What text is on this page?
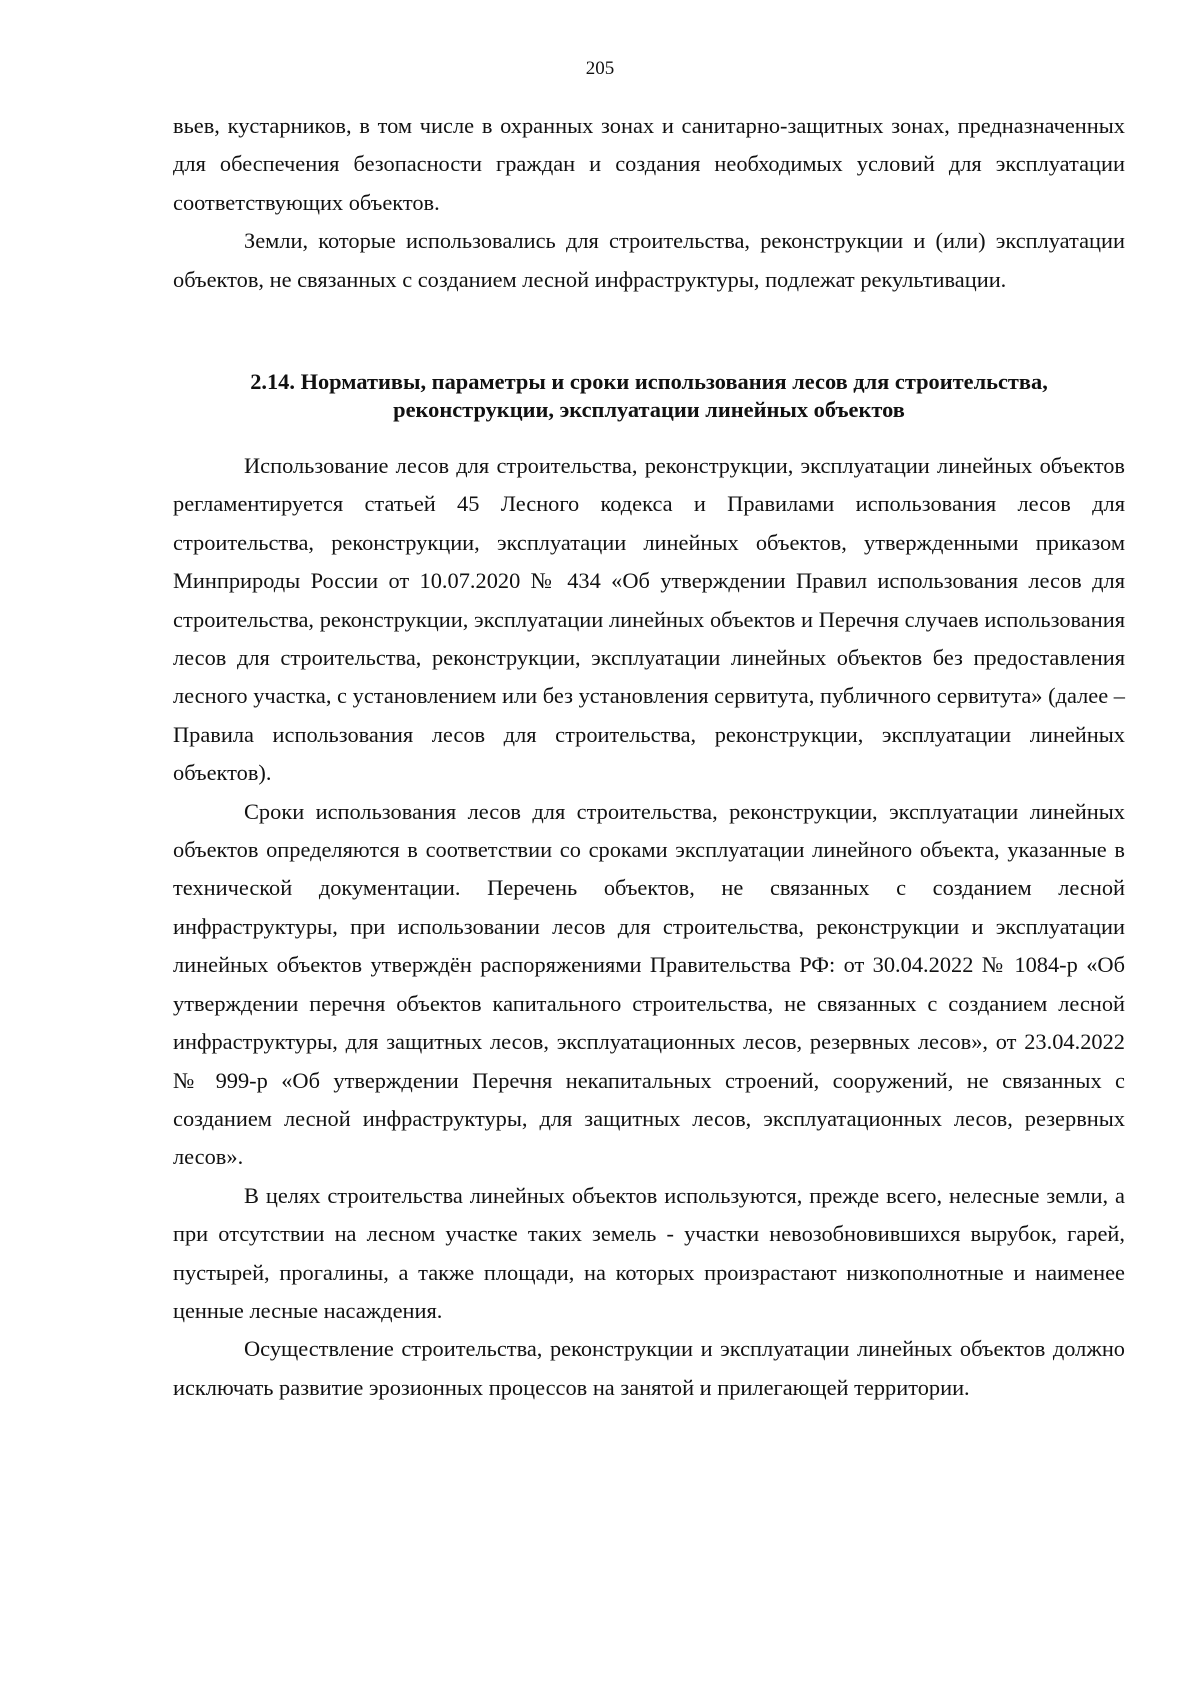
205

вьев, кустарников, в том числе в охранных зонах и санитарно-защитных зонах, предназначенных для обеспечения безопасности граждан и создания необходимых условий для эксплуатации соответствующих объектов.

Земли, которые использовались для строительства, реконструкции и (или) эксплуатации объектов, не связанных с созданием лесной инфраструктуры, подлежат рекультивации.

2.14. Нормативы, параметры и сроки использования лесов для строительства,
реконструкции, эксплуатации линейных объектов

Использование лесов для строительства, реконструкции, эксплуатации линейных объектов регламентируется статьей 45 Лесного кодекса и Правилами использования лесов для строительства, реконструкции, эксплуатации линейных объектов, утвержденными приказом Минприроды России от 10.07.2020 № 434 «Об утверждении Правил использования лесов для строительства, реконструкции, эксплуатации линейных объектов и Перечня случаев использования лесов для строительства, реконструкции, эксплуатации линейных объектов без предоставления лесного участка, с установлением или без установления сервитута, публичного сервитута» (далее – Правила использования лесов для строительства, реконструкции, эксплуатации линейных объектов).

Сроки использования лесов для строительства, реконструкции, эксплуатации линейных объектов определяются в соответствии со сроками эксплуатации линейного объекта, указанные в технической документации. Перечень объектов, не связанных с созданием лесной инфраструктуры, при использовании лесов для строительства, реконструкции и эксплуатации линейных объектов утверждён распоряжениями Правительства РФ: от 30.04.2022 № 1084-р «Об утверждении перечня объектов капитального строительства, не связанных с созданием лесной инфраструктуры, для защитных лесов, эксплуатационных лесов, резервных лесов», от 23.04.2022 № 999-р «Об утверждении Перечня некапитальных строений, сооружений, не связанных с созданием лесной инфраструктуры, для защитных лесов, эксплуатационных лесов, резервных лесов».

В целях строительства линейных объектов используются, прежде всего, нелесные земли, а при отсутствии на лесном участке таких земель - участки невозобновившихся вырубок, гарей, пустырей, прогалины, а также площади, на которых произрастают низкополнотные и наименее ценные лесные насаждения.

Осуществление строительства, реконструкции и эксплуатации линейных объектов должно исключать развитие эрозионных процессов на занятой и прилегающей территории.
